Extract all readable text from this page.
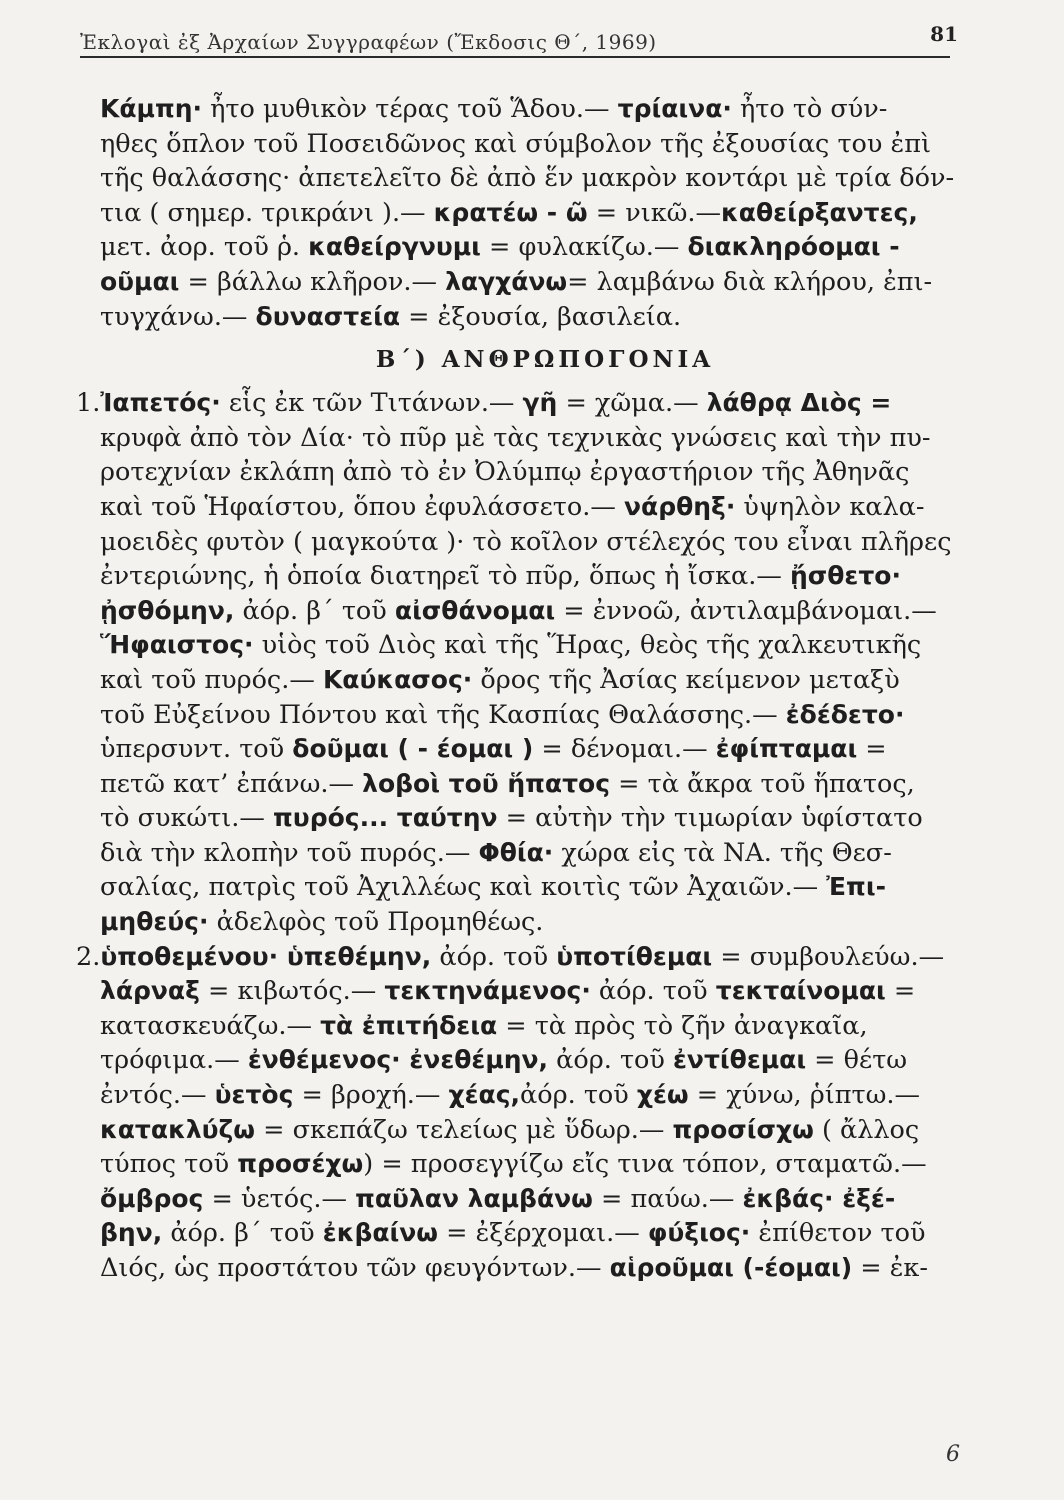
Ἐκλογαὶ ἐξ Ἀρχαίων Συγγραφέων (Ἔκδοσις Θ΄, 1969)	81
Κάμπη· ἦτο μυθικὸν τέρας τοῦ Ἅδου.— τρίαινα· ἦτο τὸ σύν-
ηθες ὅπλον τοῦ Ποσειδῶνος καὶ σύμβολον τῆς ἐξουσίας του ἐπὶ
τῆς θαλάσσης· ἀπετελεῖτο δὲ ἀπὸ ἕν μακρὸν κοντάρι μὲ τρία δόν-
τια ( σημερ. τρικράνι ).— κρατέω - ῶ = νικῶ.—καθείρξαντες,
μετ. ἀορ. τοῦ ῥ. καθείργνυμι = φυλακίζω.— διακληρόομαι -
οῦμαι = βάλλω κλῆρον.— λαγχάνω= λαμβάνω διὰ κλήρου, ἐπι-
τυγχάνω.— δυναστεία = ἐξουσία, βασιλεία.
Β΄) ΑΝΘΡΩΠΟΓΟΝΙΑ
1.Ἰαπετός· εἷς ἐκ τῶν Τιτάνων.— γῆ = χῶμα.— λάθρᾳ Διὸς =
κρυφὰ ἀπὸ τὸν Δία· τὸ πῦρ μὲ τὰς τεχνικὰς γνώσεις καὶ τὴν πυ-
ροτεχνίαν ἐκλάπη ἀπὸ τὸ ἐν Ὀλύμπῳ ἐργαστήριον τῆς Ἀθηνᾶς
καὶ τοῦ Ἡφαίστου, ὅπου ἐφυλάσσετο.— νάρθηξ· ὑψηλὸν καλα-
μοειδὲς φυτὸν ( μαγκούτα )· τὸ κοῖλον στέλεχός του εἶναι πλῆρες
ἐντεριώνης, ἡ ὁποία διατηρεῖ τὸ πῦρ, ὅπως ἡ ἴσκα.— ᾔσθετο·
ᾐσθόμην, ἀόρ. β΄ τοῦ αἰσθάνομαι = ἐννοῶ, ἀντιλαμβάνομαι.—
Ἥφαιστος· υἱὸς τοῦ Διὸς καὶ τῆς Ἥρας, θεὸς τῆς χαλκευτικῆς
καὶ τοῦ πυρός.— Καύκασος· ὄρος τῆς Ἀσίας κείμενον μεταξὺ
τοῦ Εὐξείνου Πόντου καὶ τῆς Κασπίας Θαλάσσης.— ἐδέδετο·
ὑπερσυντ. τοῦ δοῦμαι ( - έομαι ) = δένομαι.— ἐφίπταμαι =
πετῶ κατ’ ἐπάνω.— λοβοὶ τοῦ ἥπατος = τὰ ἄκρα τοῦ ἥπατος,
τὸ συκώτι.— πυρός... ταύτην = αὐτὴν τὴν τιμωρίαν ὑφίστατο
διὰ τὴν κλοπὴν τοῦ πυρός.— Φθία· χώρα εἰς τὰ ΝΑ. τῆς Θεσ-
σαλίας, πατρὶς τοῦ Ἀχιλλέως καὶ κοιτὶς τῶν Ἀχαιῶν.— Ἐπι-
μηθεύς· ἀδελφὸς τοῦ Προμηθέως.
2.ὑποθεμένου· ὑπεθέμην, ἀόρ. τοῦ ὑποτίθεμαι = συμβουλεύω.—
λάρναξ = κιβωτός.— τεκτηνάμενος· ἀόρ. τοῦ τεκταίνομαι =
κατασκευάζω.— τὰ ἐπιτήδεια = τὰ πρὸς τὸ ζῆν ἀναγκαῖα,
τρόφιμα.— ἐνθέμενος· ἐνεθέμην, ἀόρ. τοῦ ἐντίθεμαι = θέτω
ἐντός.— ὑετὸς = βροχή.— χέας,ἀόρ. τοῦ χέω = χύνω, ῥίπτω.—
κατακλύζω = σκεπάζω τελείως μὲ ὕδωρ.— προσίσχω ( ἄλλος
τύπος τοῦ προσέχω) = προσεγγίζω εἴς τινα τόπον, σταματῶ.—
ὄμβρος = ὑετός.— παῦλαν λαμβάνω = παύω.— ἐκβάς· ἐξέ-
βην, ἀόρ. β΄ τοῦ ἐκβαίνω = ἐξέρχομαι.— φύξιος· ἐπίθετον τοῦ
Διός, ὡς προστάτου τῶν φευγόντων.— αἱροῦμαι (-έομαι) = ἐκ-
6
